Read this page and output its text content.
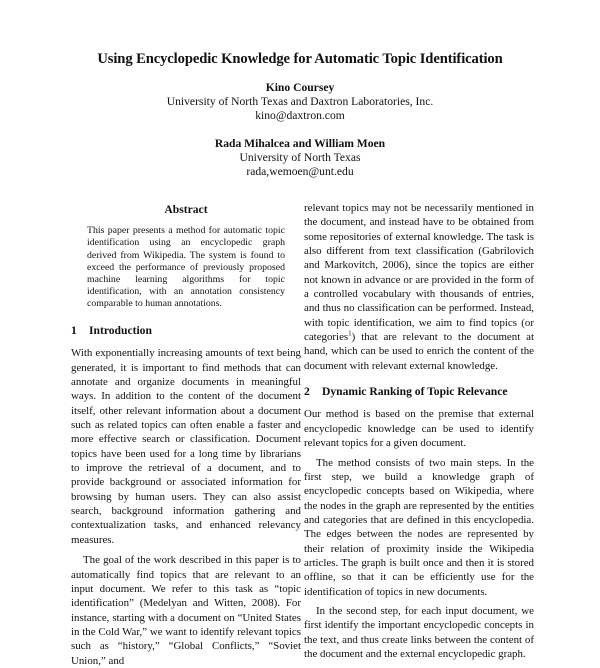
Using Encyclopedic Knowledge for Automatic Topic Identification
Kino Coursey
University of North Texas and Daxtron Laboratories, Inc.
kino@daxtron.com
Rada Mihalcea and William Moen
University of North Texas
rada,wemoen@unt.edu
Abstract

This paper presents a method for automatic topic identification using an encyclopedic graph derived from Wikipedia. The system is found to exceed the performance of previously proposed machine learning algorithms for topic identification, with an annotation consistency comparable to human annotations.

1 Introduction

With exponentially increasing amounts of text being generated, it is important to find methods that can annotate and organize documents in meaningful ways. In addition to the content of the document itself, other relevant information about a document such as related topics can often enable a faster and more effective search or classification. Document topics have been used for a long time by librarians to improve the retrieval of a document, and to provide background or associated information for browsing by human users. They can also assist search, background information gathering and contextualization tasks, and enhanced relevancy measures.

The goal of the work described in this paper is to automatically find topics that are relevant to an input document. We refer to this task as “topic identification” (Medelyan and Witten, 2008). For instance, starting with a document on “United States in the Cold War,” we want to identify relevant topics such as “history,” “Global Conflicts,” “Soviet Union,” and

relevant topics may not be necessarily mentioned in the document, and instead have to be obtained from some repositories of external knowledge. The task is also different from text classification (Gabrilovich and Markovitch, 2006), since the topics are either not known in advance or are provided in the form of a controlled vocabulary with thousands of entries, and thus no classification can be performed. Instead, with topic identification, we aim to find topics (or categories$^1$) that are relevant to the document at hand, which can be used to enrich the content of the document with relevant external knowledge.

2 Dynamic Ranking of Topic Relevance

Our method is based on the premise that external encyclopedic knowledge can be used to identify relevant topics for a given document.

The method consists of two main steps. In the first step, we build a knowledge graph of encyclopedic concepts based on Wikipedia, where the nodes in the graph are represented by the entities and categories that are defined in this encyclopedia. The edges between the nodes are represented by their relation of proximity inside the Wikipedia articles. The graph is built once and then it is stored offline, so that it can be efficiently use for the identification of topics in new documents.

In the second step, for each input document, we first identify the important encyclopedic concepts in the text, and thus create links between the content of the document and the external encyclopedic graph.
